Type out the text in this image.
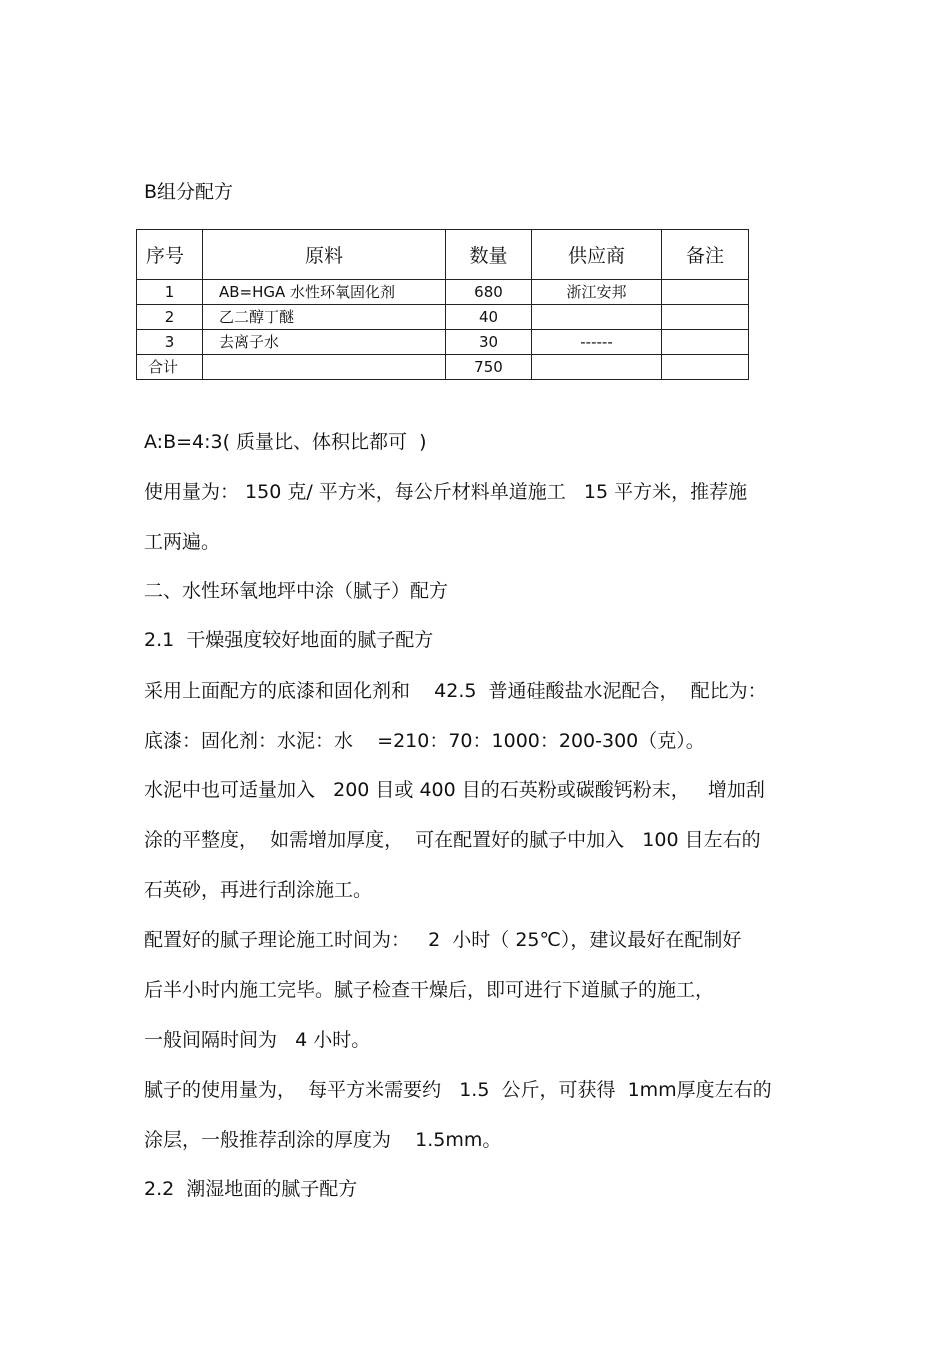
B组分配方
序号	原料	数量	供应商	备注
1	AB=HGA 水性环氧固化剂	680	浙江安邦	
2	乙二醇丁醚	40		
3	去离子水	30	------	
合计		750		
A:B=4:3( 质量比、体积比都可  )
使用量为： 150 克/ 平方米，每公斤材料单道施工   15 平方米，推荐施
工两遍。
二、水性环氧地坪中涂（腻子）配方
2.1  干燥强度较好地面的腻子配方
采用上面配方的底漆和固化剂和    42.5  普通硅酸盐水泥配合，  配比为：
底漆：固化剂：水泥：水    =210：70：1000：200-300（克）。
水泥中也可适量加入   200 目或 400 目的石英粉或碳酸钙粉末，   增加刮
涂的平整度，  如需增加厚度，  可在配置好的腻子中加入   100 目左右的
石英砂，再进行刮涂施工。
配置好的腻子理论施工时间为：   2  小时（ 25℃），建议最好在配制好
后半小时内施工完毕。腻子检查干燥后，即可进行下道腻子的施工，
一般间隔时间为   4 小时。
腻子的使用量为，  每平方米需要约   1.5  公斤，可获得  1mm厚度左右的
涂层，一般推荐刮涂的厚度为    1.5mm。
2.2  潮湿地面的腻子配方
